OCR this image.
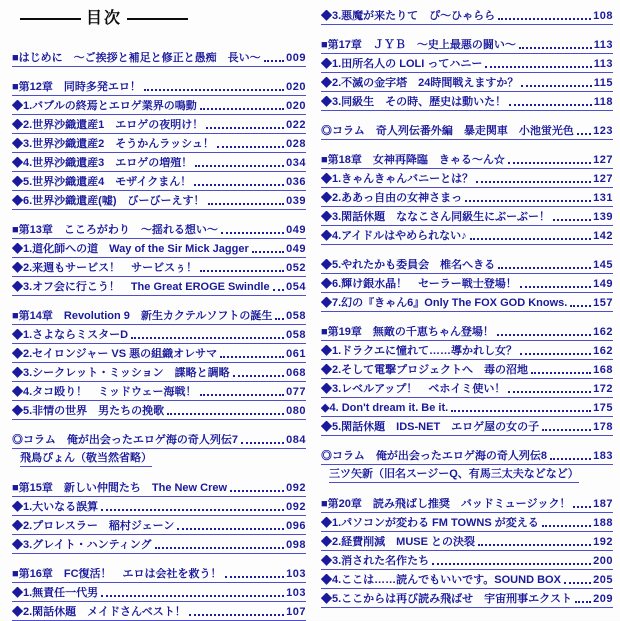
目次
■はじめに　～ご挨拶と補足と修正と愚痴　長い～ 009
■第12章　同時多発エロ！	020
◆1.バブルの終焉とエロゲ業界の鳴動	020
◆2.世界沙織遺産1　エロゲの夜明け！	022
◆3.世界沙織遺産2　そうかんラッシュ！	028
◆4.世界沙織遺産3　エロゲの増殖！	034
◆5.世界沙織遺産4　モザイクまん！	036
◆6.世界沙織遺産(嘘)　びーびーえす！	039
■第13章　こころがわり　～揺れる想い～	049
◆1.道化師への道　Way of the Sir Mick Jagger	049
◆2.来週もサービス！　サービスぅ！	052
◆3.オフ会に行こう！　The Great EROGE Swindle 054
■第14章　Revolution 9　新生カクテルソフトの誕生 058
◆1.さよならミスターD	058
◆2.セイロンジャー VS 悪の組織オレサマ	061
◆3.シークレット・ミッション　諜略と調略	068
◆4.タコ殴り！　ミッドウェー海戦！	077
◆5.非情の世界　男たちの挽歌	080
◎コラム　俺が出会ったエロゲ海の奇人列伝7	084
飛鳥ぴょん（敬当然省略）
■第15章　新しい仲間たち　The New Crew	092
◆1.大いなる誤算	092
◆2.プロレスラー　稲村ジェーン	096
◆3.グレイト・ハンティング	098
■第16章　FC復活！　エロは会社を救う！	103
◆1.無責任一代男	103
◆2.閑話休題　メイドさんベスト！	107
◆3.悪魔が来たりて　ぴ～ひゃらら	108
■第17章　ＪＹＢ　～史上最悪の闘い～	113
◆1.田所名人の LOLI ってハニー	113
◆2.不滅の金字塔　24時間戦えますか？	115
◆3.同級生　その時、歴史は動いた！	118
◎コラム　奇人列伝番外編　暴走関車　小池蛍光色 123
■第18章　女神再降臨　きゃる～ん☆	127
◆1.きゃんきゃんバニーとは？	127
◆2.ああっ自由の女神さまっ	131
◆3.閑話休題　ななこさん同級生にぶーぶー！	139
◆4.アイドルはやめられない♪	142
◆5.やれたかも委員会　椎名へきる	145
◆6.輝け銀水晶！　セーラー戦士登場！	149
◆7.幻の『きゃん6』Only The FOX GOD Knows. 157
■第19章　無敵の千恵ちゃん登場！	162
◆1.ドラクエに憧れて……導かれし女？	162
◆2.そして電撃プロジェクトへ　毒の沼地	168
◆3.レベルアップ！　ベホイミ使い！	172
◆4. Don't dream it. Be it.	175
◆5.閑話休題　IDS-NET　エロゲ屋の女の子	178
◎コラム　俺が出会ったエロゲ海の奇人列伝8	183
三ツ矢新（旧名スージーQ、有馬三太夫などなど）
■第20章　読み飛ばし推奨　バッドミュージック！ 187
◆1.パソコンが変わる FM TOWNS が変える	188
◆2.経費削減　MUSE との決裂	192
◆3.消された名作たち	200
◆4.ここは……読んでもいいです。SOUND BOX	205
◆5.ここからは再び読み飛ばせ　宇宙刑事エクスト 209
